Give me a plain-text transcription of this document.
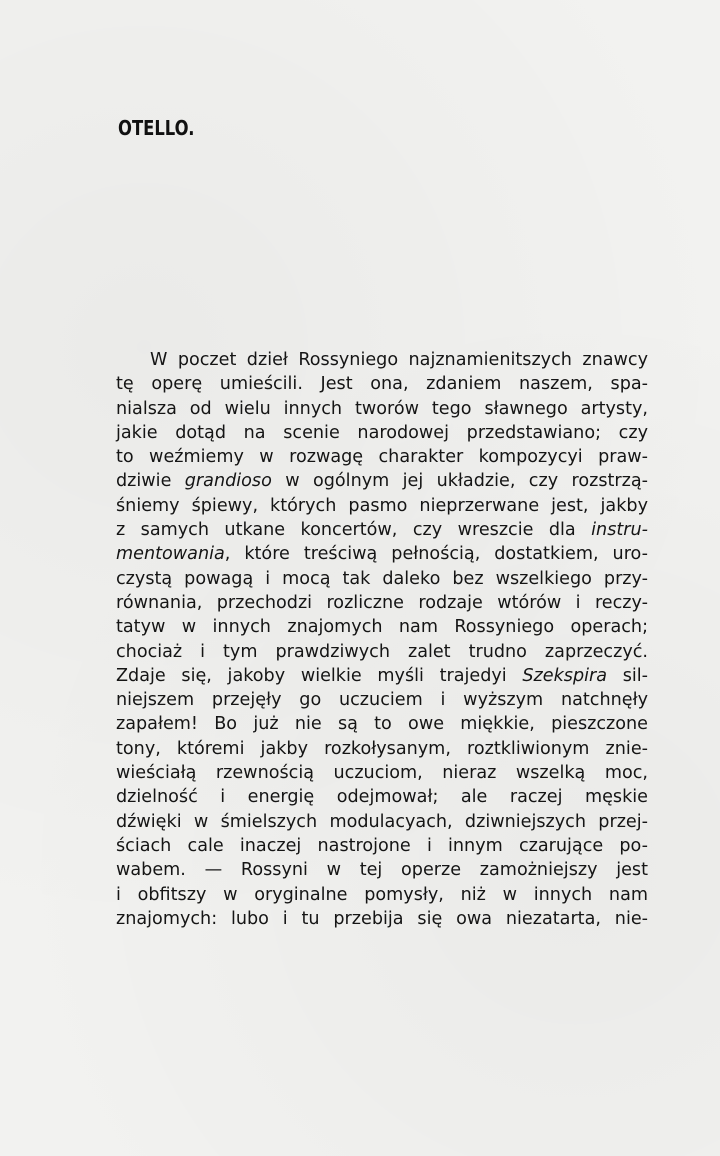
OTELLO.
W poczet dzieł Rossyniego najznamienitszych znawcy
tę operę umieścili. Jest ona, zdaniem naszem, spa-
nialsza od wielu innych tworów tego sławnego artysty,
jakie dotąd na scenie narodowej przedstawiano; czy
to weźmiemy w rozwagę charakter kompozycyi praw-
dziwie grandioso w ogólnym jej układzie, czy rozstrzą-
śniemy śpiewy, których pasmo nieprzerwane jest, jakby
z samych utkane koncertów, czy wreszcie dla instru-
mentowania, które treściwą pełnością, dostatkiem, uro-
czystą powagą i mocą tak daleko bez wszelkiego przy-
równania, przechodzi rozliczne rodzaje wtórów i reczy-
tatyw w innych znajomych nam Rossyniego operach;
chociaż i tym prawdziwych zalet trudno zaprzeczyć.
Zdaje się, jakoby wielkie myśli trajedyi Szekspira sil-
niejszem przejęły go uczuciem i wyższym natchnęły
zapałem! Bo już nie są to owe miękkie, pieszczone
tony, któremi jakby rozkołysanym, roztkliwionym znie-
wieściałą rzewnością uczuciom, nieraz wszelką moc,
dzielność i energię odejmował; ale raczej męskie
dźwięki w śmielszych modulacyach, dziwniejszych przej-
ściach cale inaczej nastrojone i innym czarujące po-
wabem. — Rossyni w tej operze zamożniejszy jest
i obfitszy w oryginalne pomysły, niż w innych nam
znajomych: lubo i tu przebija się owa niezatarta, nie-
